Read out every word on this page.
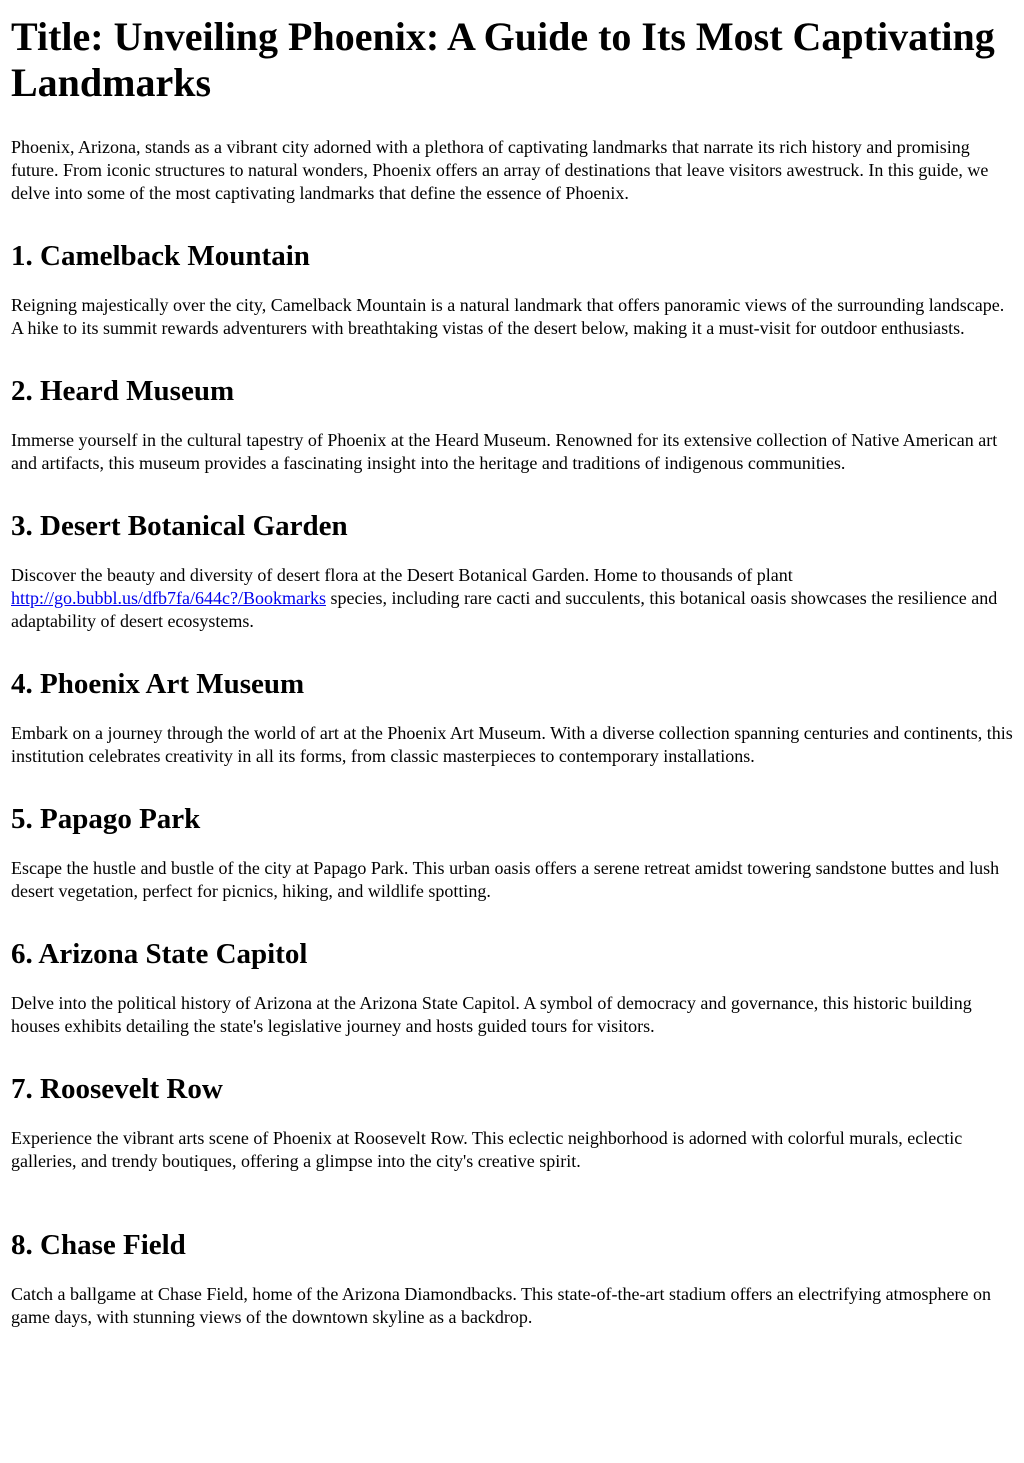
Title: Unveiling Phoenix: A Guide to Its Most Captivating Landmarks

Phoenix, Arizona, stands as a vibrant city adorned with a plethora of captivating landmarks that narrate its rich history and promising future. From iconic structures to natural wonders, Phoenix offers an array of destinations that leave visitors awestruck. In this guide, we delve into some of the most captivating landmarks that define the essence of Phoenix.

1. Camelback Mountain

Reigning majestically over the city, Camelback Mountain is a natural landmark that offers panoramic views of the surrounding landscape. A hike to its summit rewards adventurers with breathtaking vistas of the desert below, making it a must-visit for outdoor enthusiasts.

2. Heard Museum

Immerse yourself in the cultural tapestry of Phoenix at the Heard Museum. Renowned for its extensive collection of Native American art and artifacts, this museum provides a fascinating insight into the heritage and traditions of indigenous communities.

3. Desert Botanical Garden

Discover the beauty and diversity of desert flora at the Desert Botanical Garden. Home to thousands of plant http://go.bubbl.us/dfb7fa/644c?/Bookmarks species, including rare cacti and succulents, this botanical oasis showcases the resilience and adaptability of desert ecosystems.

4. Phoenix Art Museum

Embark on a journey through the world of art at the Phoenix Art Museum. With a diverse collection spanning centuries and continents, this institution celebrates creativity in all its forms, from classic masterpieces to contemporary installations.

5. Papago Park

Escape the hustle and bustle of the city at Papago Park. This urban oasis offers a serene retreat amidst towering sandstone buttes and lush desert vegetation, perfect for picnics, hiking, and wildlife spotting.

6. Arizona State Capitol

Delve into the political history of Arizona at the Arizona State Capitol. A symbol of democracy and governance, this historic building houses exhibits detailing the state's legislative journey and hosts guided tours for visitors.

7. Roosevelt Row

Experience the vibrant arts scene of Phoenix at Roosevelt Row. This eclectic neighborhood is adorned with colorful murals, eclectic galleries, and trendy boutiques, offering a glimpse into the city's creative spirit.

8. Chase Field

Catch a ballgame at Chase Field, home of the Arizona Diamondbacks. This state-of-the-art stadium offers an electrifying atmosphere on game days, with stunning views of the downtown skyline as a backdrop.
